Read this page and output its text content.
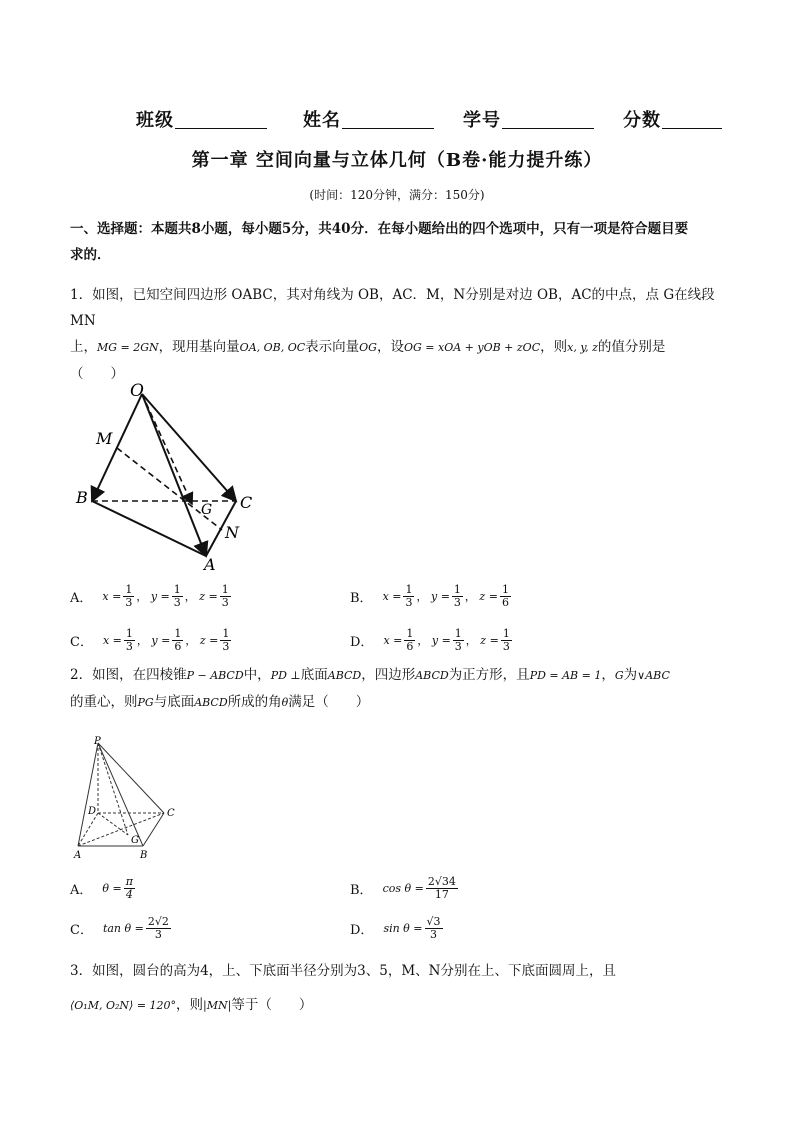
班级	姓名	学号	分数
第一章 空间向量与立体几何（B卷·能力提升练）
(时间：120分钟，满分：150分)
一、选择题：本题共8小题，每小题5分，共40分．在每小题给出的四个选项中，只有一项是符合题目要
求的．
1．如图，已知空间四边形 OABC，其对角线为 OB，AC．M，N分别是对边 OB，AC的中点，点 G在线段 MN
上，MG = 2GN，现用基向量OA, OB, OC表示向量OG，设OG = xOA + yOB + zOC，则x, y, z的值分别是
（　　）
O
M
B	C
G
N
A
A． $x = \frac{1}{3}$ ， $y = \frac{1}{3}$ ， $z = \frac{1}{3}$	B． $x = \frac{1}{3}$ ， $y = \frac{1}{3}$ ， $z = \frac{1}{6}$
C． $x = \frac{1}{3}$ ， $y = \frac{1}{6}$ ， $z = \frac{1}{3}$	D． $x = \frac{1}{6}$ ， $y = \frac{1}{3}$ ， $z = \frac{1}{3}$
2．如图，在四棱锥P − ABCD中，PD ⊥底面ABCD，四边形ABCD为正方形，且PD = AB = 1，G为∨ABC
的重心，则PG与底面ABCD所成的角θ满足（　　）
P
D	C
G
A	B
A． $\theta = \frac{\pi}{4}$	B． $\cos \theta = \frac{2√34}{17}$
C． $\tan \theta = \frac{2√2}{3}$	D． $\sin \theta = \frac{√3}{3}$
3．如图，圆台的高为4，上、下底面半径分别为3、5，M、N分别在上、下底面圆周上，且
⟨O₁M, O₂N⟩ = 120°，则|MN|等于（　　）
